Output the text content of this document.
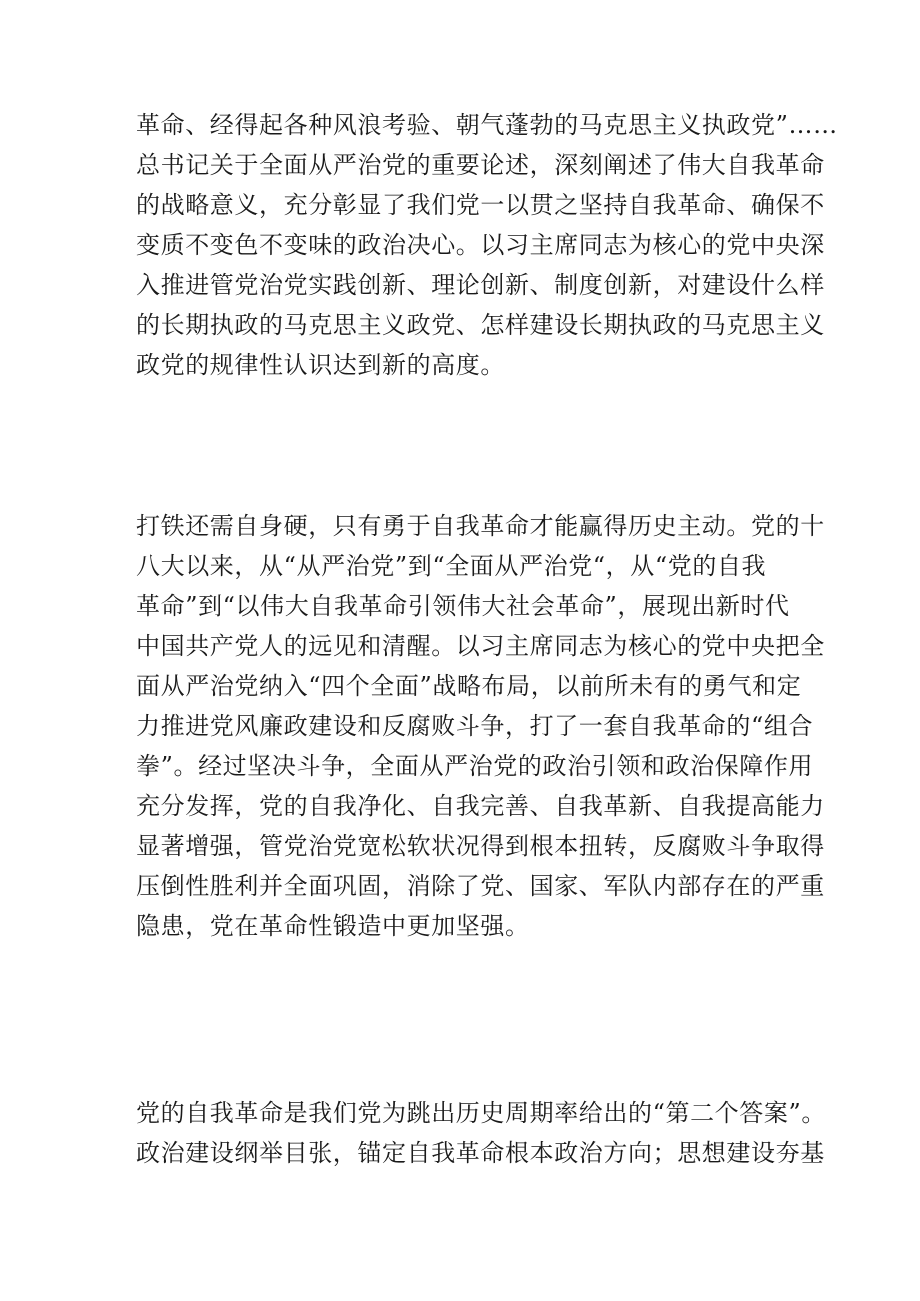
革命、经得起各种风浪考验、朝气蓬勃的马克思主义执政党”……
总书记关于全面从严治党的重要论述，深刻阐述了伟大自我革命
的战略意义，充分彰显了我们党一以贯之坚持自我革命、确保不
变质不变色不变味的政治决心。以习主席同志为核心的党中央深
入推进管党治党实践创新、理论创新、制度创新，对建设什么样
的长期执政的马克思主义政党、怎样建设长期执政的马克思主义
政党的规律性认识达到新的高度。
打铁还需自身硬，只有勇于自我革命才能赢得历史主动。党的十
八大以来，从“从严治党”到“全面从严治党“，从“党的自我
革命”到“以伟大自我革命引领伟大社会革命”，展现出新时代
中国共产党人的远见和清醒。以习主席同志为核心的党中央把全
面从严治党纳入“四个全面”战略布局，以前所未有的勇气和定
力推进党风廉政建设和反腐败斗争，打了一套自我革命的“组合
拳”。经过坚决斗争，全面从严治党的政治引领和政治保障作用
充分发挥，党的自我净化、自我完善、自我革新、自我提高能力
显著增强，管党治党宽松软状况得到根本扭转，反腐败斗争取得
压倒性胜利并全面巩固，消除了党、国家、军队内部存在的严重
隐患，党在革命性锻造中更加坚强。
党的自我革命是我们党为跳出历史周期率给出的“第二个答案”。
政治建设纲举目张，锚定自我革命根本政治方向；思想建设夯基
